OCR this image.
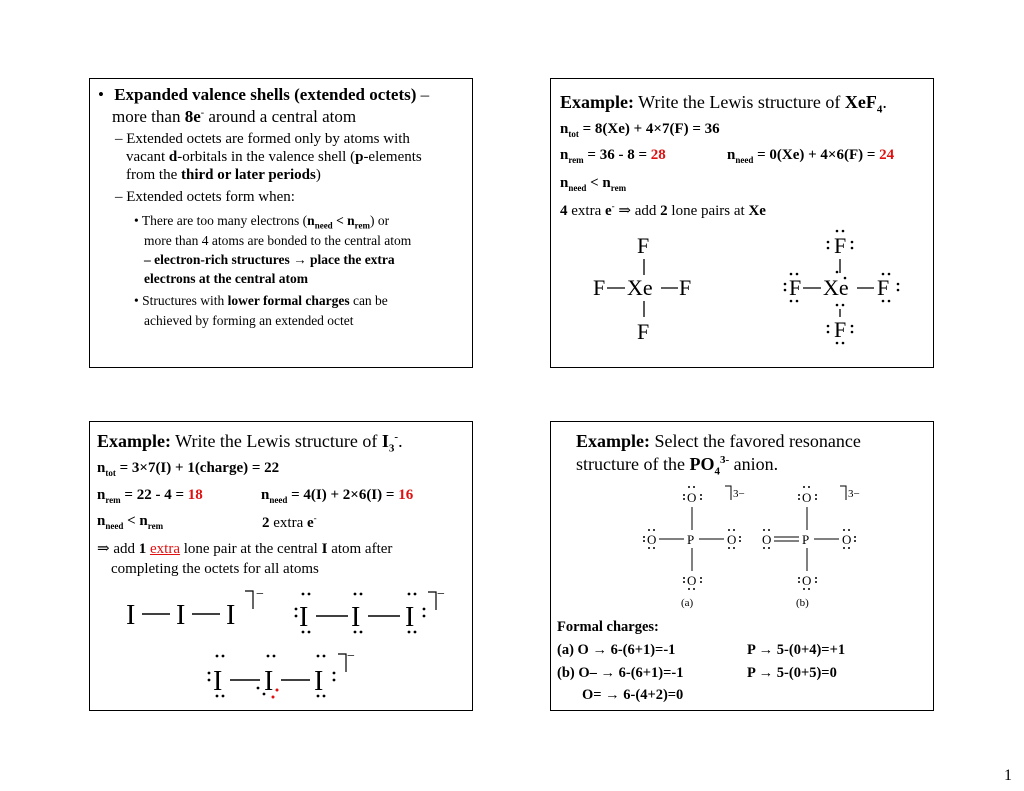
• Expanded valence shells (extended octets) –
more than 8e- around a central atom
– Extended octets are formed only by atoms with
vacant d-orbitals in the valence shell (p-elements
from the third or later periods)
– Extended octets form when:
• There are too many electrons $(n_{need} < n_{rem})$ or
more than 4 atoms are bonded to the central atom
– electron-rich structures → place the extra
electrons at the central atom
• Structures with lower formal charges can be
achieved by forming an extended octet
Example: Write the Lewis structure of XeF$_4$.
$n_{tot} = 8(Xe) + 4\times 7(F) = 36$
$n_{rem} = 36 - 8 = 28$	$n_{need} = 0(Xe) + 4\times 6(F) = 24$
$n_{need} < n_{rem}$
4 extra e- ⇒ add 2 lone pairs at Xe
F
F Xe F
F
F
F Xe F
F
Example: Write the Lewis structure of $I_3^-$.
$n_{tot} = 3\times 7(I)$ + 1(charge) = 22
$n_{rem} = 22 - 4 = 18$	$n_{need} = 4(I) + 2\times 6(I) = 16$
$n_{need} < n_{rem}$	2 extra e-
⇒ add 1 extra lone pair at the central I atom after
completing the octets for all atoms
I I I
−
I I I
−
I I I
−
Example: Select the favored resonance
structure of the $PO_4^{3-}$ anion.
O
O
O P	O
3−
(a)
O
O
O P	O
3−
(b)
Formal charges:
(a) O → 6-(6+1)=-1	P → 5-(0+4)=+1
(b) O– → 6-(6+1)=-1	P → 5-(0+5)=0
O= → 6-(4+2)=0
1
